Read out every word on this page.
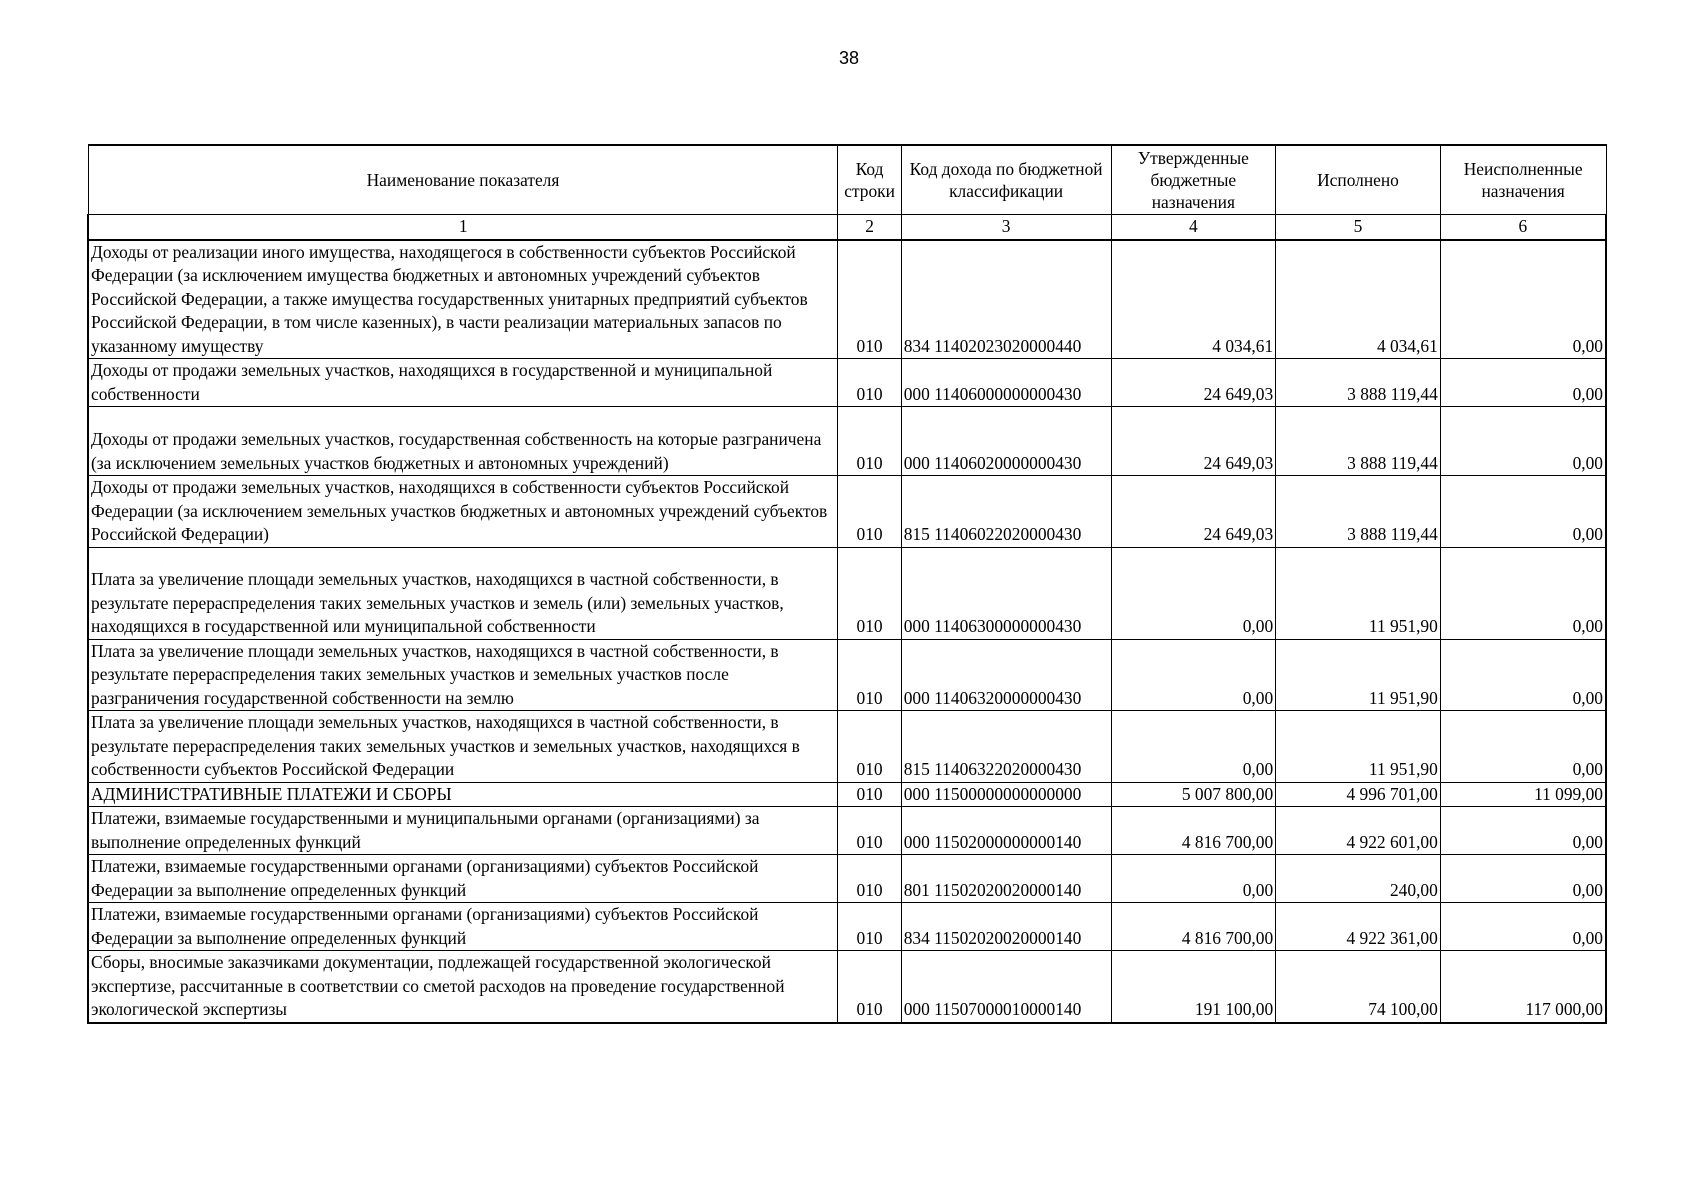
38
Наименование показателя	Код строки	Код дохода по бюджетной классификации	Утвержденные бюджетные назначения	Исполнено	Неисполненные назначения
1	2	3	4	5	6
Доходы от реализации иного имущества, находящегося в собственности субъектов Российской Федерации (за исключением имущества бюджетных и автономных учреждений субъектов Российской Федерации, а также имущества государственных унитарных предприятий субъектов Российской Федерации, в том числе казенных), в части реализации материальных запасов по указанному имуществу	010	834 11402023020000440	4 034,61	4 034,61	0,00
Доходы от продажи земельных участков, находящихся в государственной и муниципальной собственности	010	000 11406000000000430	24 649,03	3 888 119,44	0,00
Доходы от продажи земельных участков, государственная собственность на которые разграничена (за исключением земельных участков бюджетных и автономных учреждений)	010	000 11406020000000430	24 649,03	3 888 119,44	0,00
Доходы от продажи земельных участков, находящихся в собственности субъектов Российской Федерации (за исключением земельных участков бюджетных и автономных учреждений субъектов Российской Федерации)	010	815 11406022020000430	24 649,03	3 888 119,44	0,00
Плата за увеличение площади земельных участков, находящихся в частной собственности, в результате перераспределения таких земельных участков и земель (или) земельных участков, находящихся в государственной или муниципальной собственности	010	000 11406300000000430	0,00	11 951,90	0,00
Плата за увеличение площади земельных участков, находящихся в частной собственности, в результате перераспределения таких земельных участков и земельных участков после разграничения государственной собственности на землю	010	000 11406320000000430	0,00	11 951,90	0,00
Плата за увеличение площади земельных участков, находящихся в частной собственности, в результате перераспределения таких земельных участков и земельных участков, находящихся в собственности субъектов Российской Федерации	010	815 11406322020000430	0,00	11 951,90	0,00
АДМИНИСТРАТИВНЫЕ ПЛАТЕЖИ И СБОРЫ	010	000 11500000000000000	5 007 800,00	4 996 701,00	11 099,00
Платежи, взимаемые государственными и муниципальными органами (организациями) за выполнение определенных функций	010	000 11502000000000140	4 816 700,00	4 922 601,00	0,00
Платежи, взимаемые государственными органами (организациями) субъектов Российской Федерации за выполнение определенных функций	010	801 11502020020000140	0,00	240,00	0,00
Платежи, взимаемые государственными органами (организациями) субъектов Российской Федерации за выполнение определенных функций	010	834 11502020020000140	4 816 700,00	4 922 361,00	0,00
Сборы, вносимые заказчиками документации, подлежащей государственной экологической экспертизе, рассчитанные в соответствии со сметой расходов на проведение государственной экологической экспертизы	010	000 11507000010000140	191 100,00	74 100,00	117 000,00
